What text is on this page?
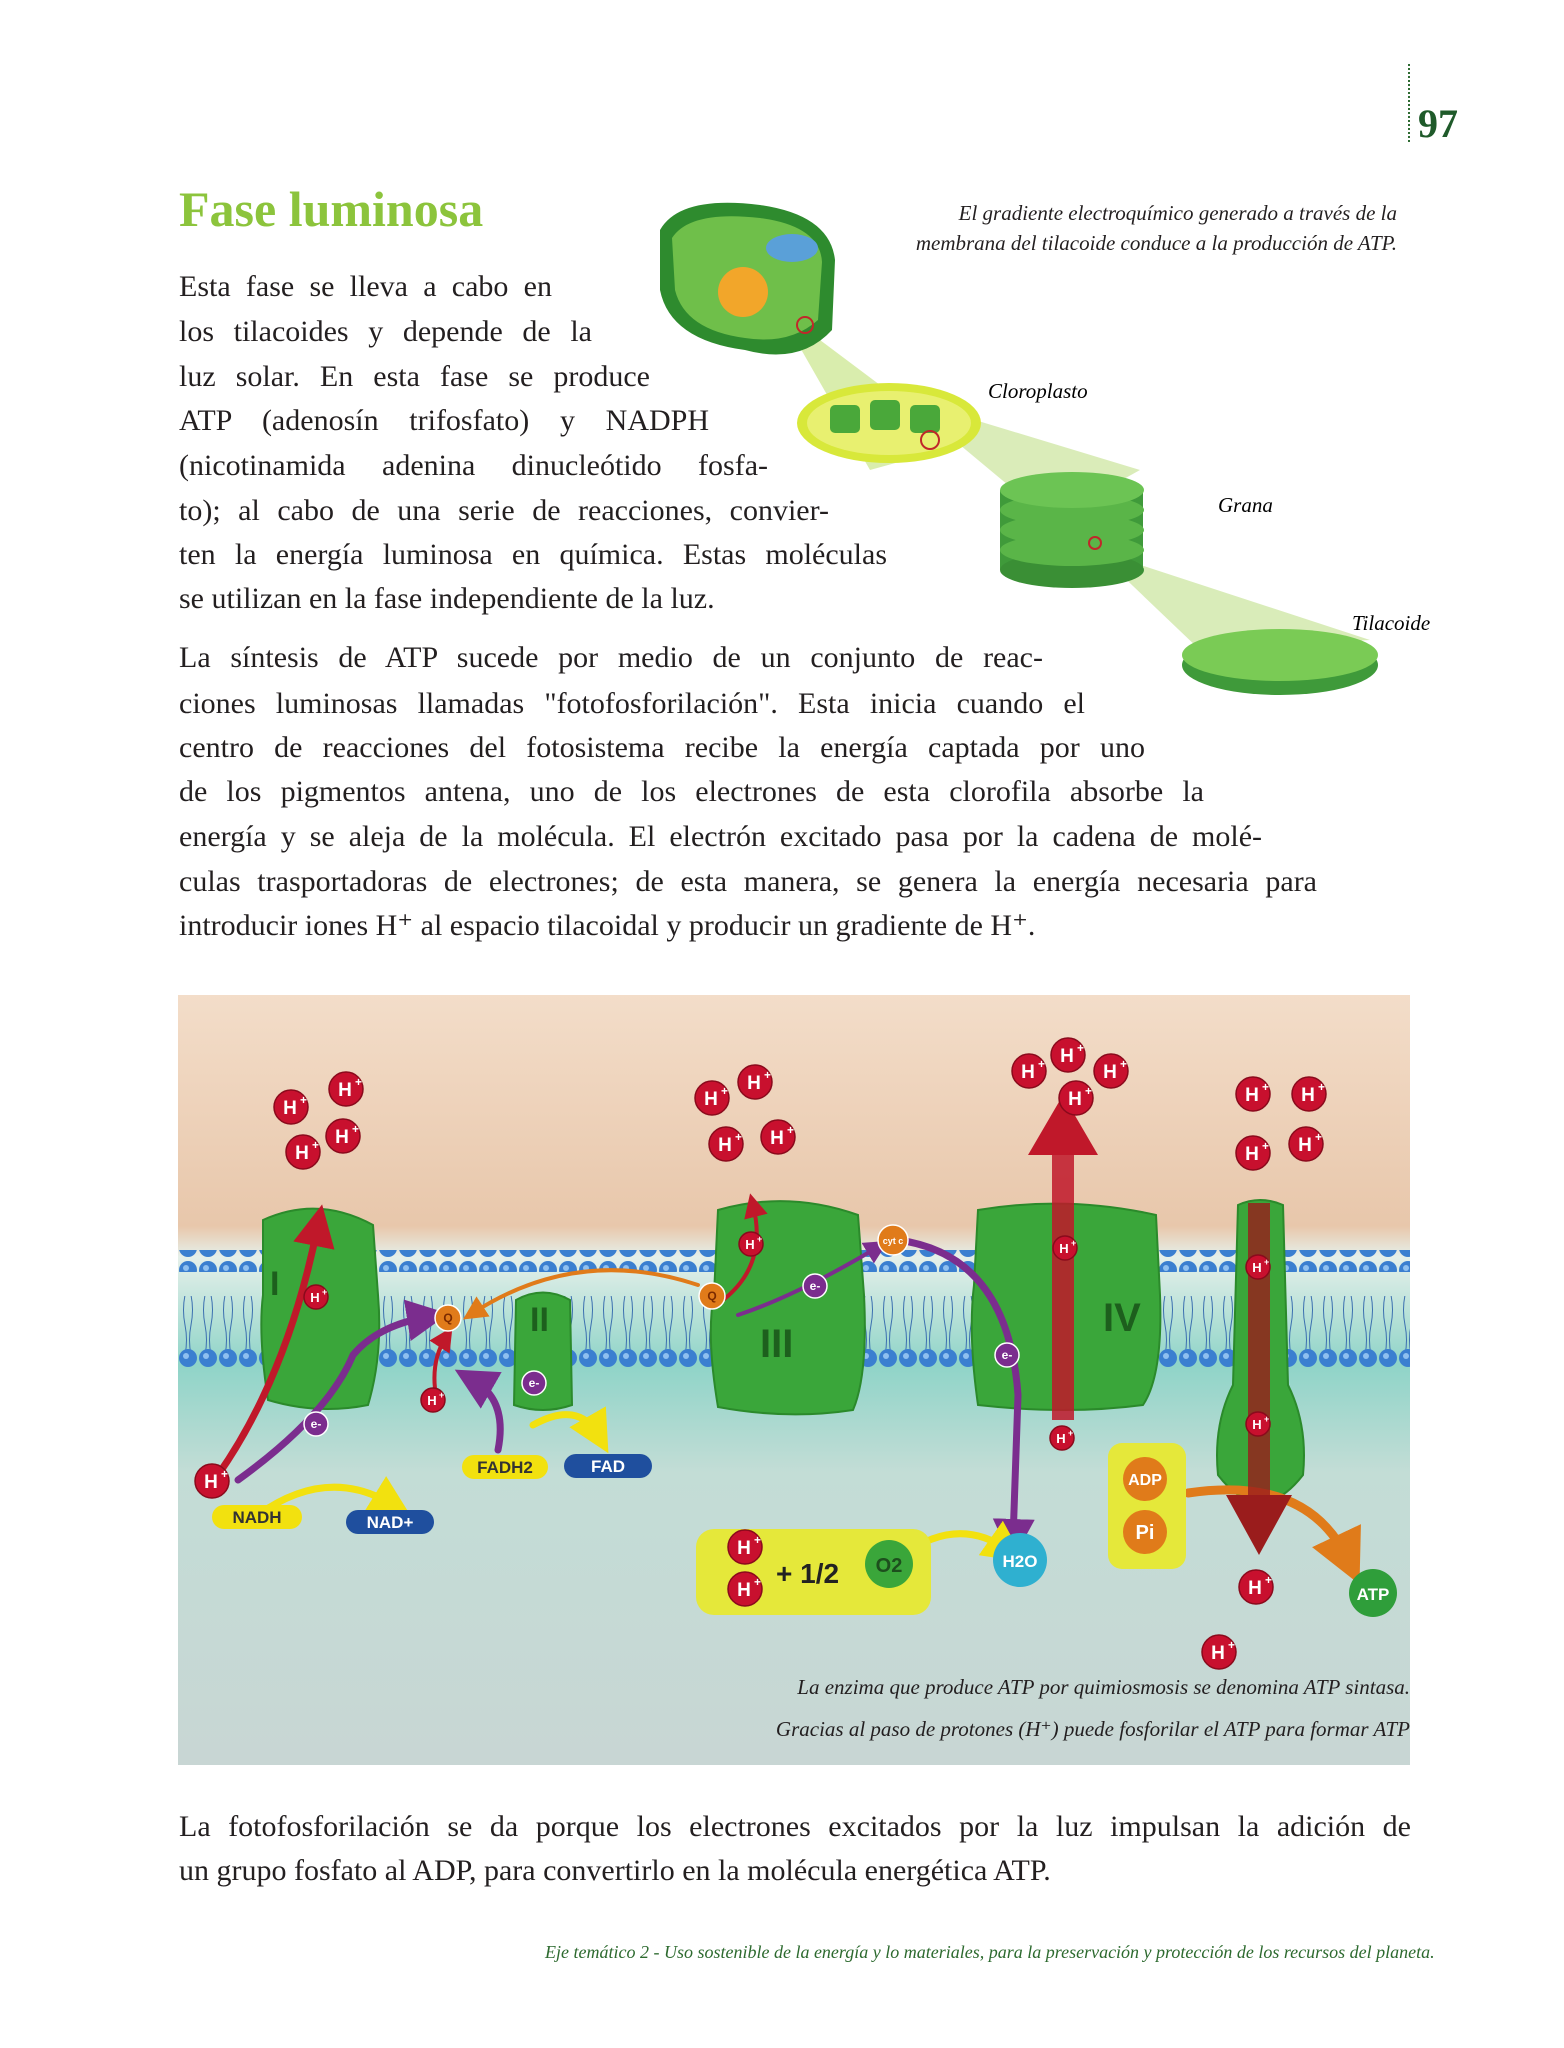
97
Fase luminosa	El gradiente electroquímico generado a través de la
membrana del tilacoide conduce a la producción de ATP.
Cloroplasto
Grana
Tilacoide
Esta fase se lleva a cabo en
los tilacoides y depende de la
luz solar. En esta fase se produce
ATP (adenosín trifosfato) y NADPH
(nicotinamida adenina dinucleótido fosfa-
to); al cabo de una serie de reacciones, convier-
ten la energía luminosa en química. Estas moléculas
se utilizan en la fase independiente de la luz.
La síntesis de ATP sucede por medio de un conjunto de reac-
ciones luminosas llamadas "fotofosforilación". Esta inicia cuando el
centro de reacciones del fotosistema recibe la energía captada por uno
de los pigmentos antena, uno de los electrones de esta clorofila absorbe la
energía y se aleja de la molécula. El electrón excitado pasa por la cadena de molé-
culas trasportadoras de electrones; de esta manera, se genera la energía necesaria para
introducir iones H⁺ al espacio tilacoidal y producir un gradiente de H⁺.
I
II
III
IV
NADH	NAD+
FADH2	FAD
ADP
Pi
ATP
H2O
+ 1/2 O2
Q
Q
cyt c
e-
e-
e-
e-
H + H +
H + H +
H + H +
H + H +
H + H +
H +
H +	H + H +
H + H +
H +
H +
H +
H +
H +
H +
H +
H +
H +
H +
H +
H +
La enzima que produce ATP por quimiosmosis se denomina ATP sintasa.
Gracias al paso de protones (H⁺) puede fosforilar el ATP para formar ATP
La fotofosforilación se da porque los electrones excitados por la luz impulsan la adición de
un grupo fosfato al ADP, para convertirlo en la molécula energética ATP.
Eje temático 2 - Uso sostenible de la energía y lo materiales, para la preservación y protección de los recursos del planeta.
